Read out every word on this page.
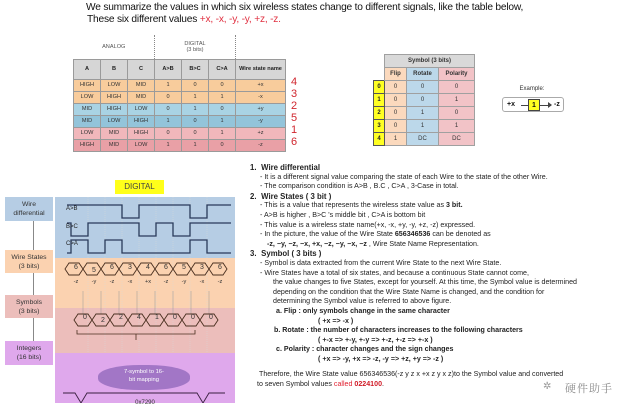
We summarize the values in which six wireless states change to different signals, like the table below,
These six different values +x, -x, -y, -y, +z, -z.
ANALOG			DIGITAL
(3 bits)			
A	B	C	A>B	B>C	C>A	Wire state name
HIGH	LOW	MID	1	0	0	+x
LOW	HIGH	MID	0	1	1	-x
MID	HIGH	LOW	0	1	0	+y
MID	LOW	HIGH	1	0	1	-y
LOW	MID	HIGH	0	0	1	+z
HIGH	MID	LOW	1	1	0	-z
4
3
2
5
1
6
	Symbol (3 bits)		
	Flip	Rotate	Polarity
0	0	0	0
1	0	0	1
2	0	1	0
3	0	1	1
4	1	DC	DC
Example:
+x	1	-z
DIGITAL
Wire
differential
Wire States
(3 bits)
Symbols
(3 bits)
Integers
(16 bits)
A>B
B>C
C>A
6	5	6	3	4	6	5	3	6
-z	-y	-z	-x	+x	-z	-y	-x	-z
0	2	2	4	1	0	0	0
7-symbol to 16-
bit mapping
0x7290
1. Wire differential
- It is a different signal value comparing the state of each Wire to the state of the other Wire.
- The comparison condition is A>B , B.C , C>A , 3-Case in total.
2. Wire States ( 3 bit )
- This is a value that represents the wireless state value as 3 bit.
- A>B is higher , B>C 's middle bit , C>A is bottom bit
- This value is a wireless state name(+x, -x, +y, -y, +z, -z) expressed.
- In the picture, the value of the Wire State 656346536 can be denoted as
-z, −y, −z, −x, +x, −z, −y, −x, −z , Wire State Name Representation.
3. Symbol ( 3 bits )
- Symbol is data extracted from the current Wire State to the next Wire State.
- Wire States have a total of six states, and because a continuous State cannot come,
the value changes to five States, except for yourself. At this time, the Symbol value is determined
depending on the condition that the Wire State Name is changed, and the condition for
determining the Symbol value is referred to above figure.
a. Flip : only symbols change in the same character
( +x => -x )
b. Rotate : the number of characters increases to the following characters
( +-x => +-y, +-y => +-z, +-z => +-x )
c. Polarity : character changes and the sign changes
( +x => -y, +x => -z, -y => +z, +y => -z )
Therefore, the Wire State value 656346536(-z y z x +x z y x z)to the Symbol value and converted
to seven Symbol values called 0224100.	✲ 硬件助手
